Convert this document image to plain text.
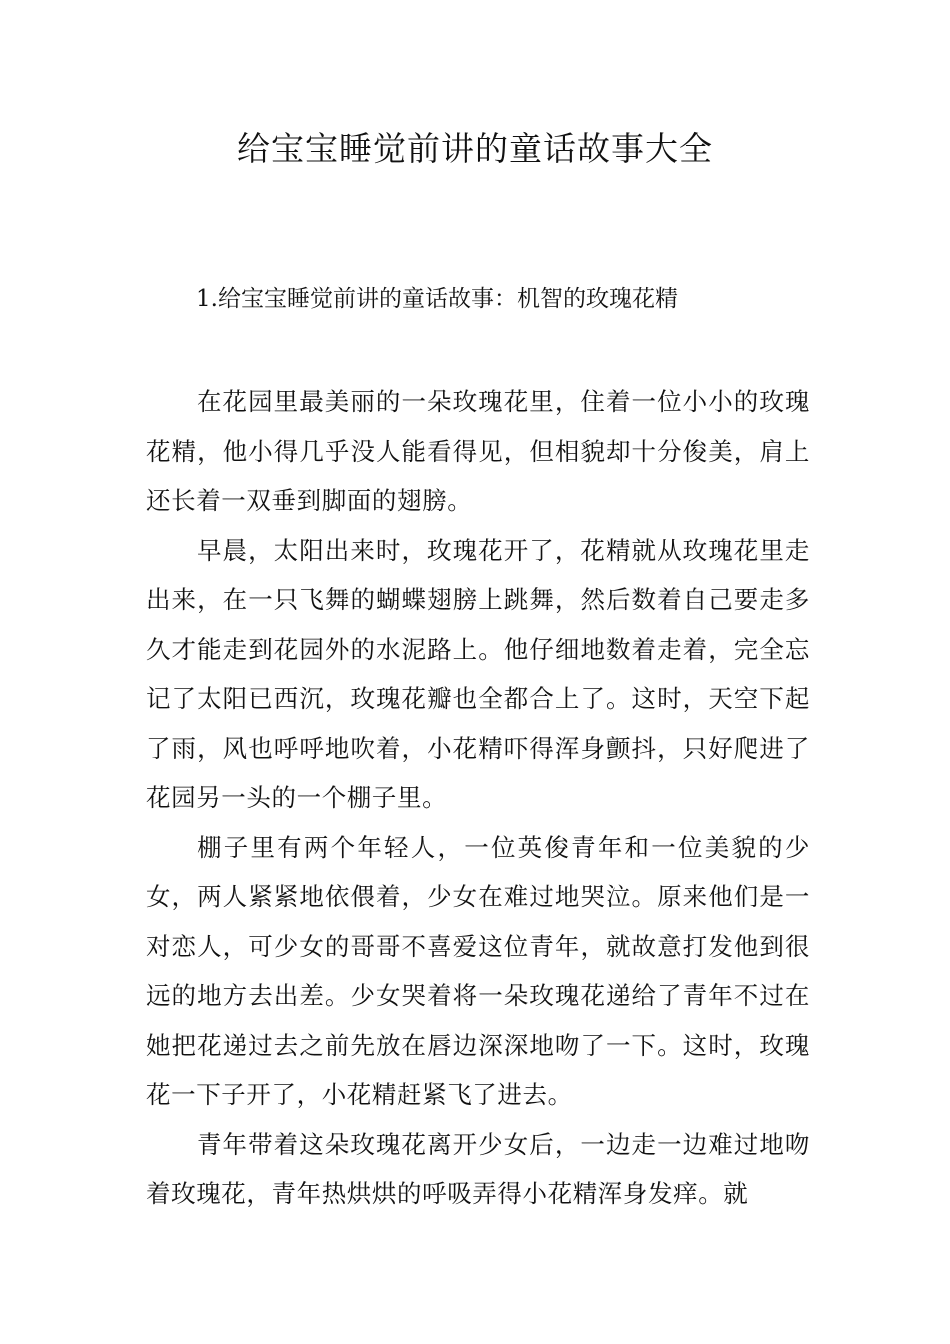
给宝宝睡觉前讲的童话故事大全
1.给宝宝睡觉前讲的童话故事：机智的玫瑰花精

在花园里最美丽的一朵玫瑰花里，住着一位小小的玫瑰花精，他小得几乎没人能看得见，但相貌却十分俊美，肩上还长着一双垂到脚面的翅膀。

早晨，太阳出来时，玫瑰花开了，花精就从玫瑰花里走出来，在一只飞舞的蝴蝶翅膀上跳舞，然后数着自己要走多久才能走到花园外的水泥路上。他仔细地数着走着，完全忘记了太阳已西沉，玫瑰花瓣也全都合上了。这时，天空下起了雨，风也呼呼地吹着，小花精吓得浑身颤抖，只好爬进了花园另一头的一个棚子里。

棚子里有两个年轻人，一位英俊青年和一位美貌的少女，两人紧紧地依偎着，少女在难过地哭泣。原来他们是一对恋人，可少女的哥哥不喜爱这位青年，就故意打发他到很远的地方去出差。少女哭着将一朵玫瑰花递给了青年不过在她把花递过去之前先放在唇边深深地吻了一下。这时，玫瑰花一下子开了，小花精赶紧飞了进去。

青年带着这朵玫瑰花离开少女后，一边走一边难过地吻着玫瑰花，青年热烘烘的呼吸弄得小花精浑身发痒。就
